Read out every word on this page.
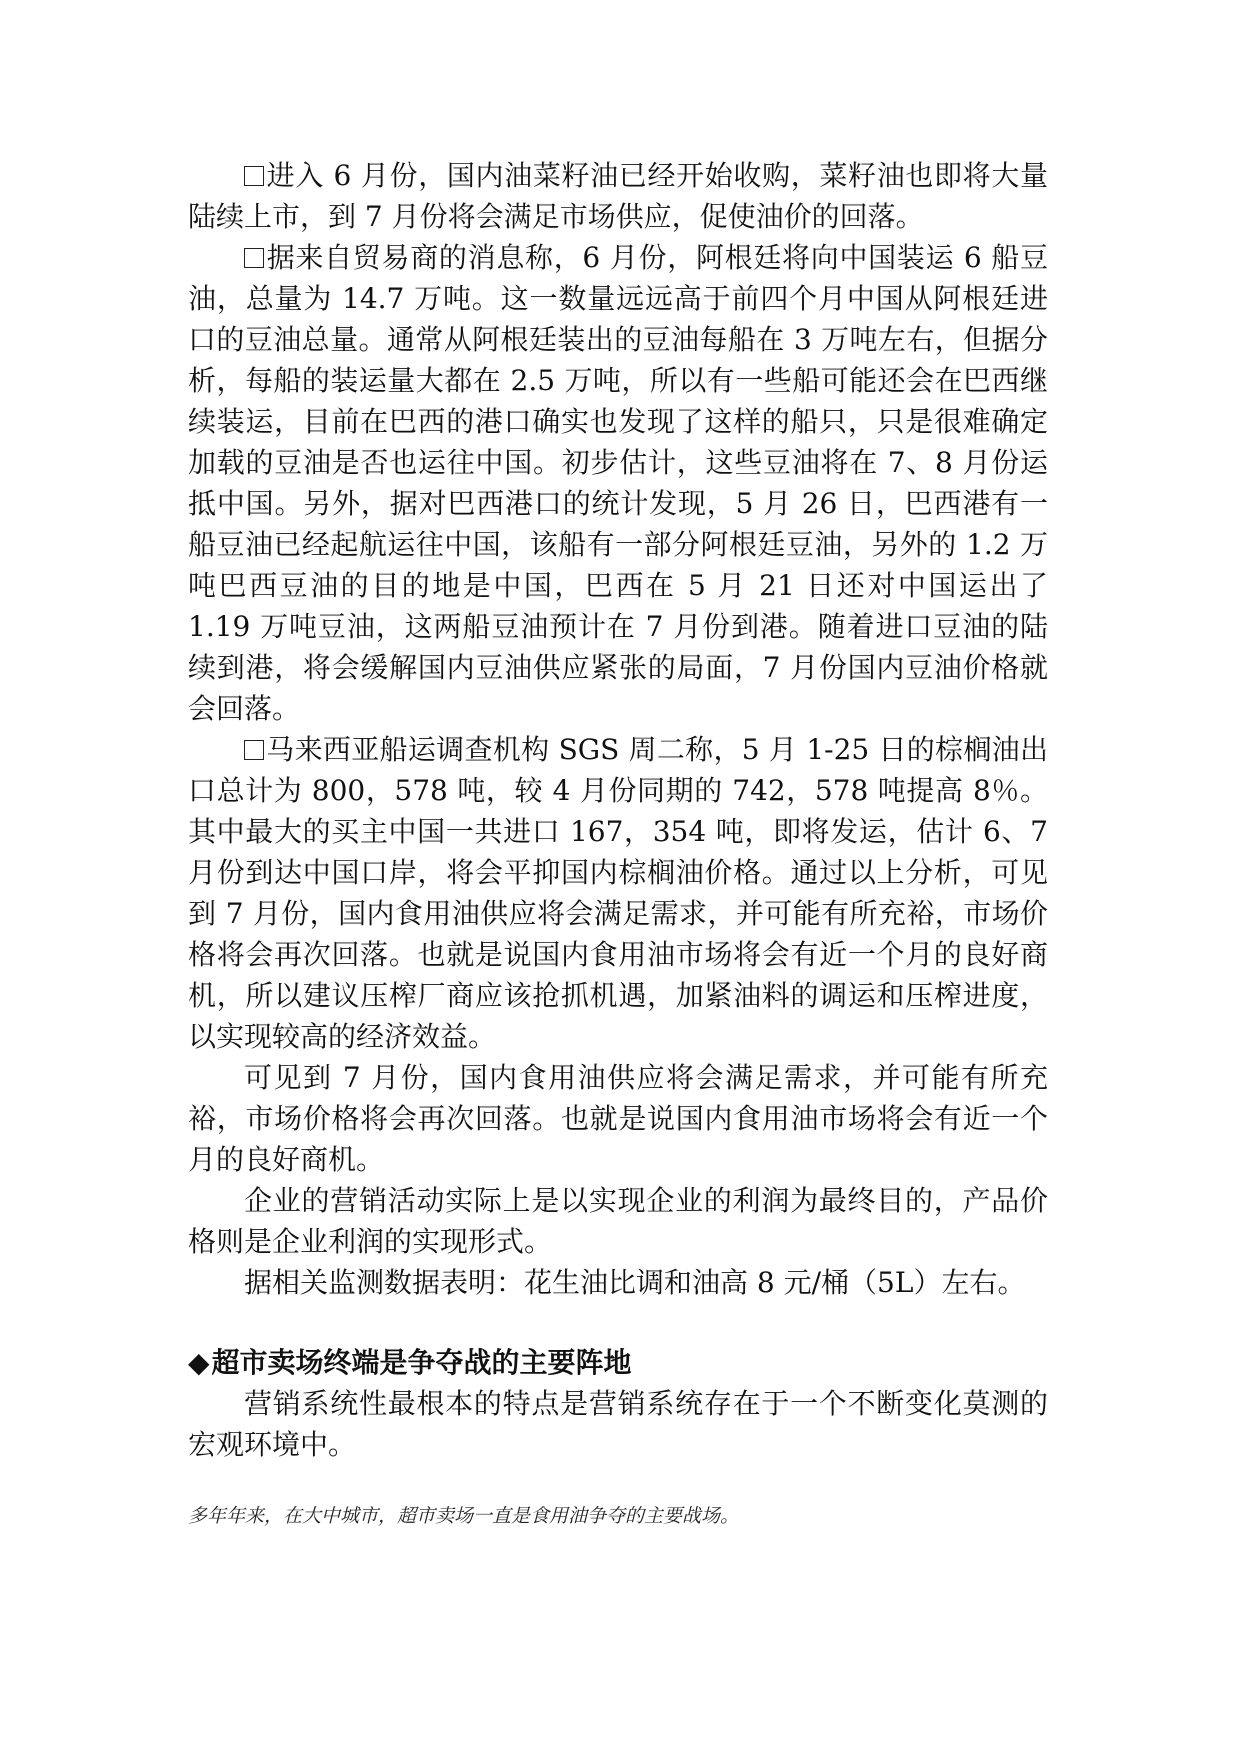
进入 6 月份，国内油菜籽油已经开始收购，菜籽油也即将大量陆续上市，到 7 月份将会满足市场供应，促使油价的回落。

据来自贸易商的消息称，6 月份，阿根廷将向中国装运 6 船豆油，总量为 14.7 万吨。这一数量远远高于前四个月中国从阿根廷进口的豆油总量。通常从阿根廷装出的豆油每船在 3 万吨左右，但据分析，每船的装运量大都在 2.5 万吨，所以有一些船可能还会在巴西继续装运，目前在巴西的港口确实也发现了这样的船只，只是很难确定加载的豆油是否也运往中国。初步估计，这些豆油将在 7、8 月份运抵中国。另外，据对巴西港口的统计发现，5 月 26 日，巴西港有一船豆油已经起航运往中国，该船有一部分阿根廷豆油，另外的 1.2 万吨巴西豆油的目的地是中国，巴西在 5 月 21 日还对中国运出了 1.19 万吨豆油，这两船豆油预计在 7 月份到港。随着进口豆油的陆续到港，将会缓解国内豆油供应紧张的局面，7 月份国内豆油价格就会回落。

马来西亚船运调查机构 SGS 周二称，5 月 1-25 日的棕榈油出口总计为 800，578 吨，较 4 月份同期的 742，578 吨提高 8％。其中最大的买主中国一共进口 167，354 吨，即将发运，估计 6、7 月份到达中国口岸，将会平抑国内棕榈油价格。通过以上分析，可见到 7 月份，国内食用油供应将会满足需求，并可能有所充裕，市场价格将会再次回落。也就是说国内食用油市场将会有近一个月的良好商机，所以建议压榨厂商应该抢抓机遇，加紧油料的调运和压榨进度，以实现较高的经济效益。

可见到 7 月份，国内食用油供应将会满足需求，并可能有所充裕，市场价格将会再次回落。也就是说国内食用油市场将会有近一个月的良好商机。

企业的营销活动实际上是以实现企业的利润为最终目的，产品价格则是企业利润的实现形式。

据相关监测数据表明：花生油比调和油高 8 元/桶（5L）左右。

◆超市卖场终端是争夺战的主要阵地

营销系统性最根本的特点是营销系统存在于一个不断变化莫测的宏观环境中。

多年年来，在大中城市，超市卖场一直是食用油争夺的主要战场。
